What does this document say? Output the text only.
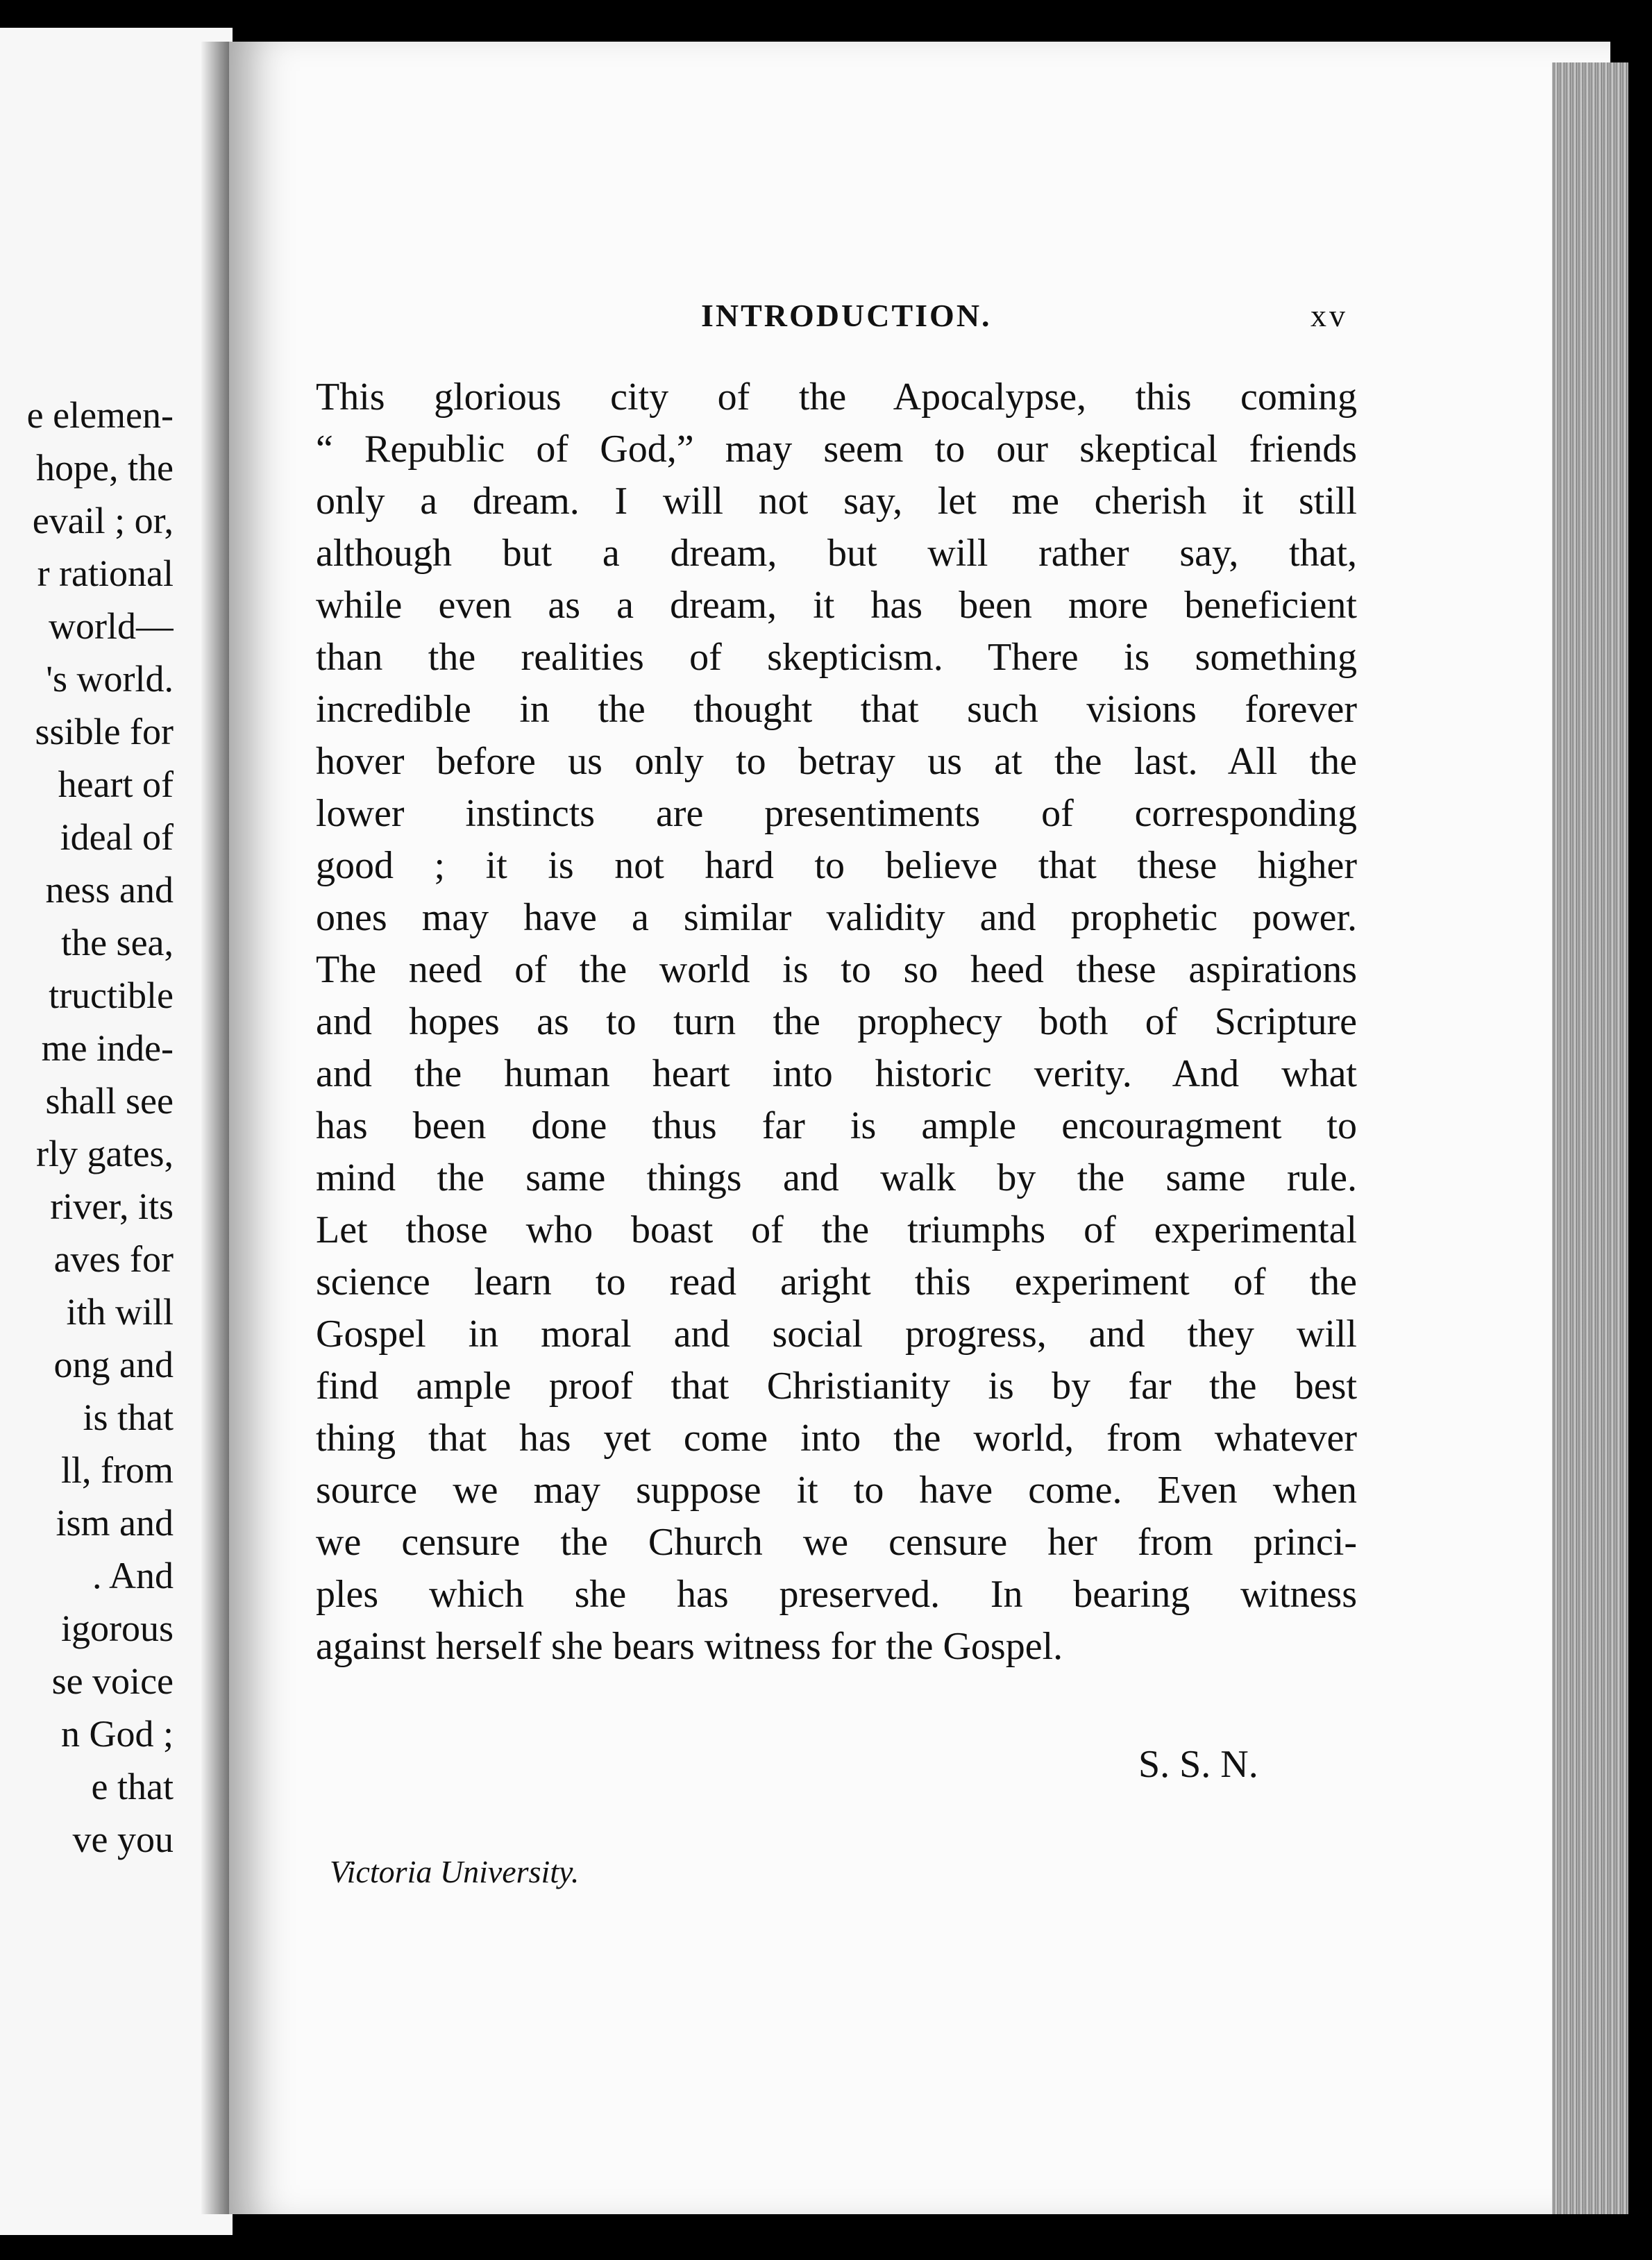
e elemen-
hope, the
evail ; or,
r rational
world—
's world.
ssible for
heart of
ideal of
ness and
the sea,
tructible
me inde-
shall see
rly gates,
river, its
aves for
ith will
ong and
is that
ll, from
ism and
. And
igorous
se voice
n God ;
e that
ve you
INTRODUCTION.	xv
This glorious city of the Apocalypse, this coming
“ Republic of God,” may seem to our skeptical friends
only a dream. I will not say, let me cherish it still
although but a dream, but will rather say, that,
while even as a dream, it has been more beneficient
than the realities of skepticism. There is something
incredible in the thought that such visions forever
hover before us only to betray us at the last. All the
lower instincts are presentiments of corresponding
good ; it is not hard to believe that these higher
ones may have a similar validity and prophetic power.
The need of the world is to so heed these aspirations
and hopes as to turn the prophecy both of Scripture
and the human heart into historic verity. And what
has been done thus far is ample encouragment to
mind the same things and walk by the same rule.
Let those who boast of the triumphs of experimental
science learn to read aright this experiment of the
Gospel in moral and social progress, and they will
find ample proof that Christianity is by far the best
thing that has yet come into the world, from whatever
source we may suppose it to have come. Even when
we censure the Church we censure her from princi-
ples which she has preserved. In bearing witness
against herself she bears witness for the Gospel.
S. S. N.
Victoria University.
